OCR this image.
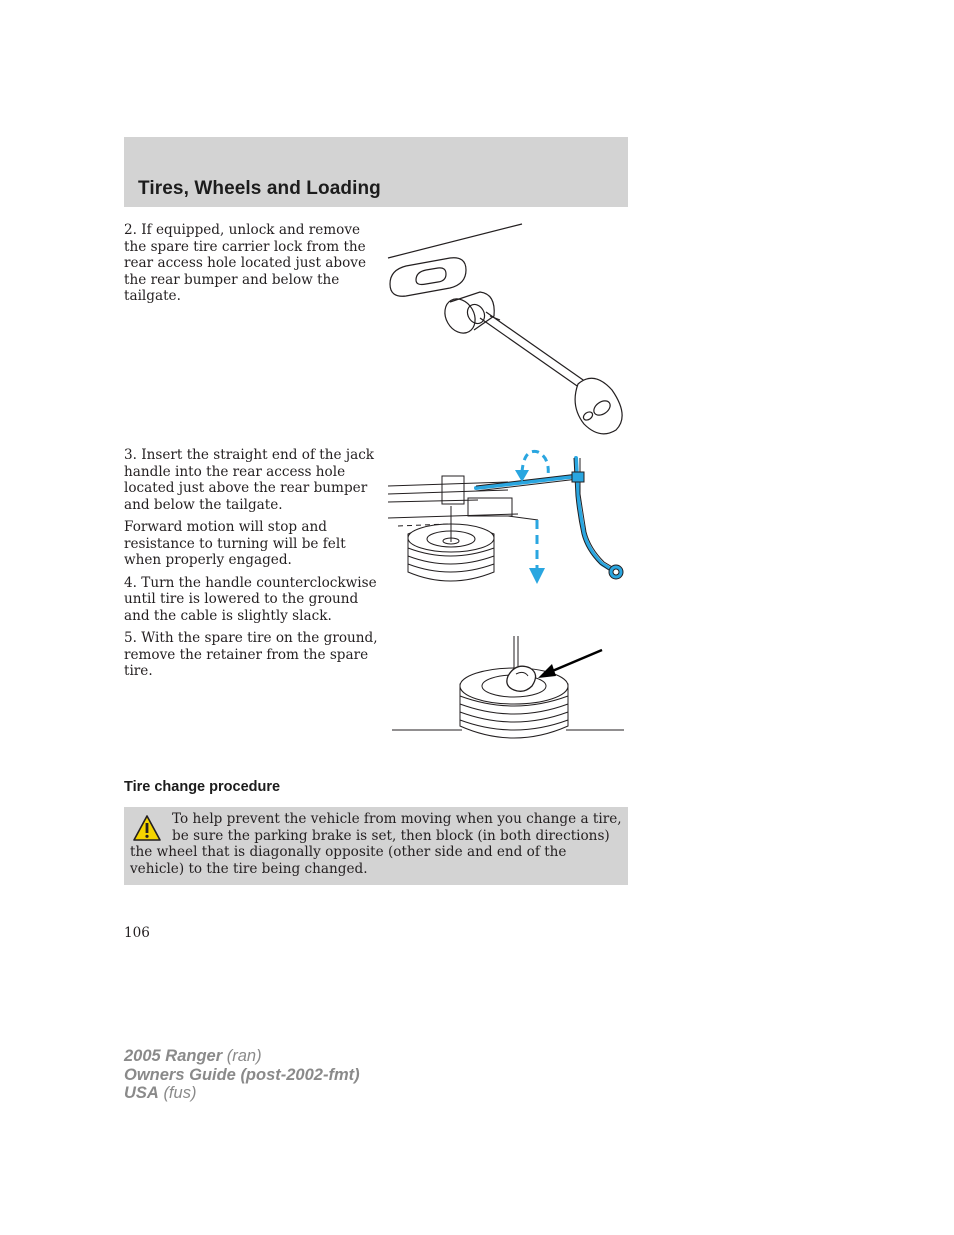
Tires, Wheels and Loading

2. If equipped, unlock and remove the spare tire carrier lock from the rear access hole located just above the rear bumper and below the tailgate.

3. Insert the straight end of the jack handle into the rear access hole located just above the rear bumper and below the tailgate.

Forward motion will stop and resistance to turning will be felt when properly engaged.

4. Turn the handle counterclockwise until tire is lowered to the ground and the cable is slightly slack.

5. With the spare tire on the ground, remove the retainer from the spare tire.

Tire change procedure
To help prevent the vehicle from moving when you change a tire, be sure the parking brake is set, then block (in both directions) the wheel that is diagonally opposite (other side and end of the vehicle) to the tire being changed.
106
2005 Ranger (ran)
Owners Guide (post-2002-fmt)
USA (fus)
